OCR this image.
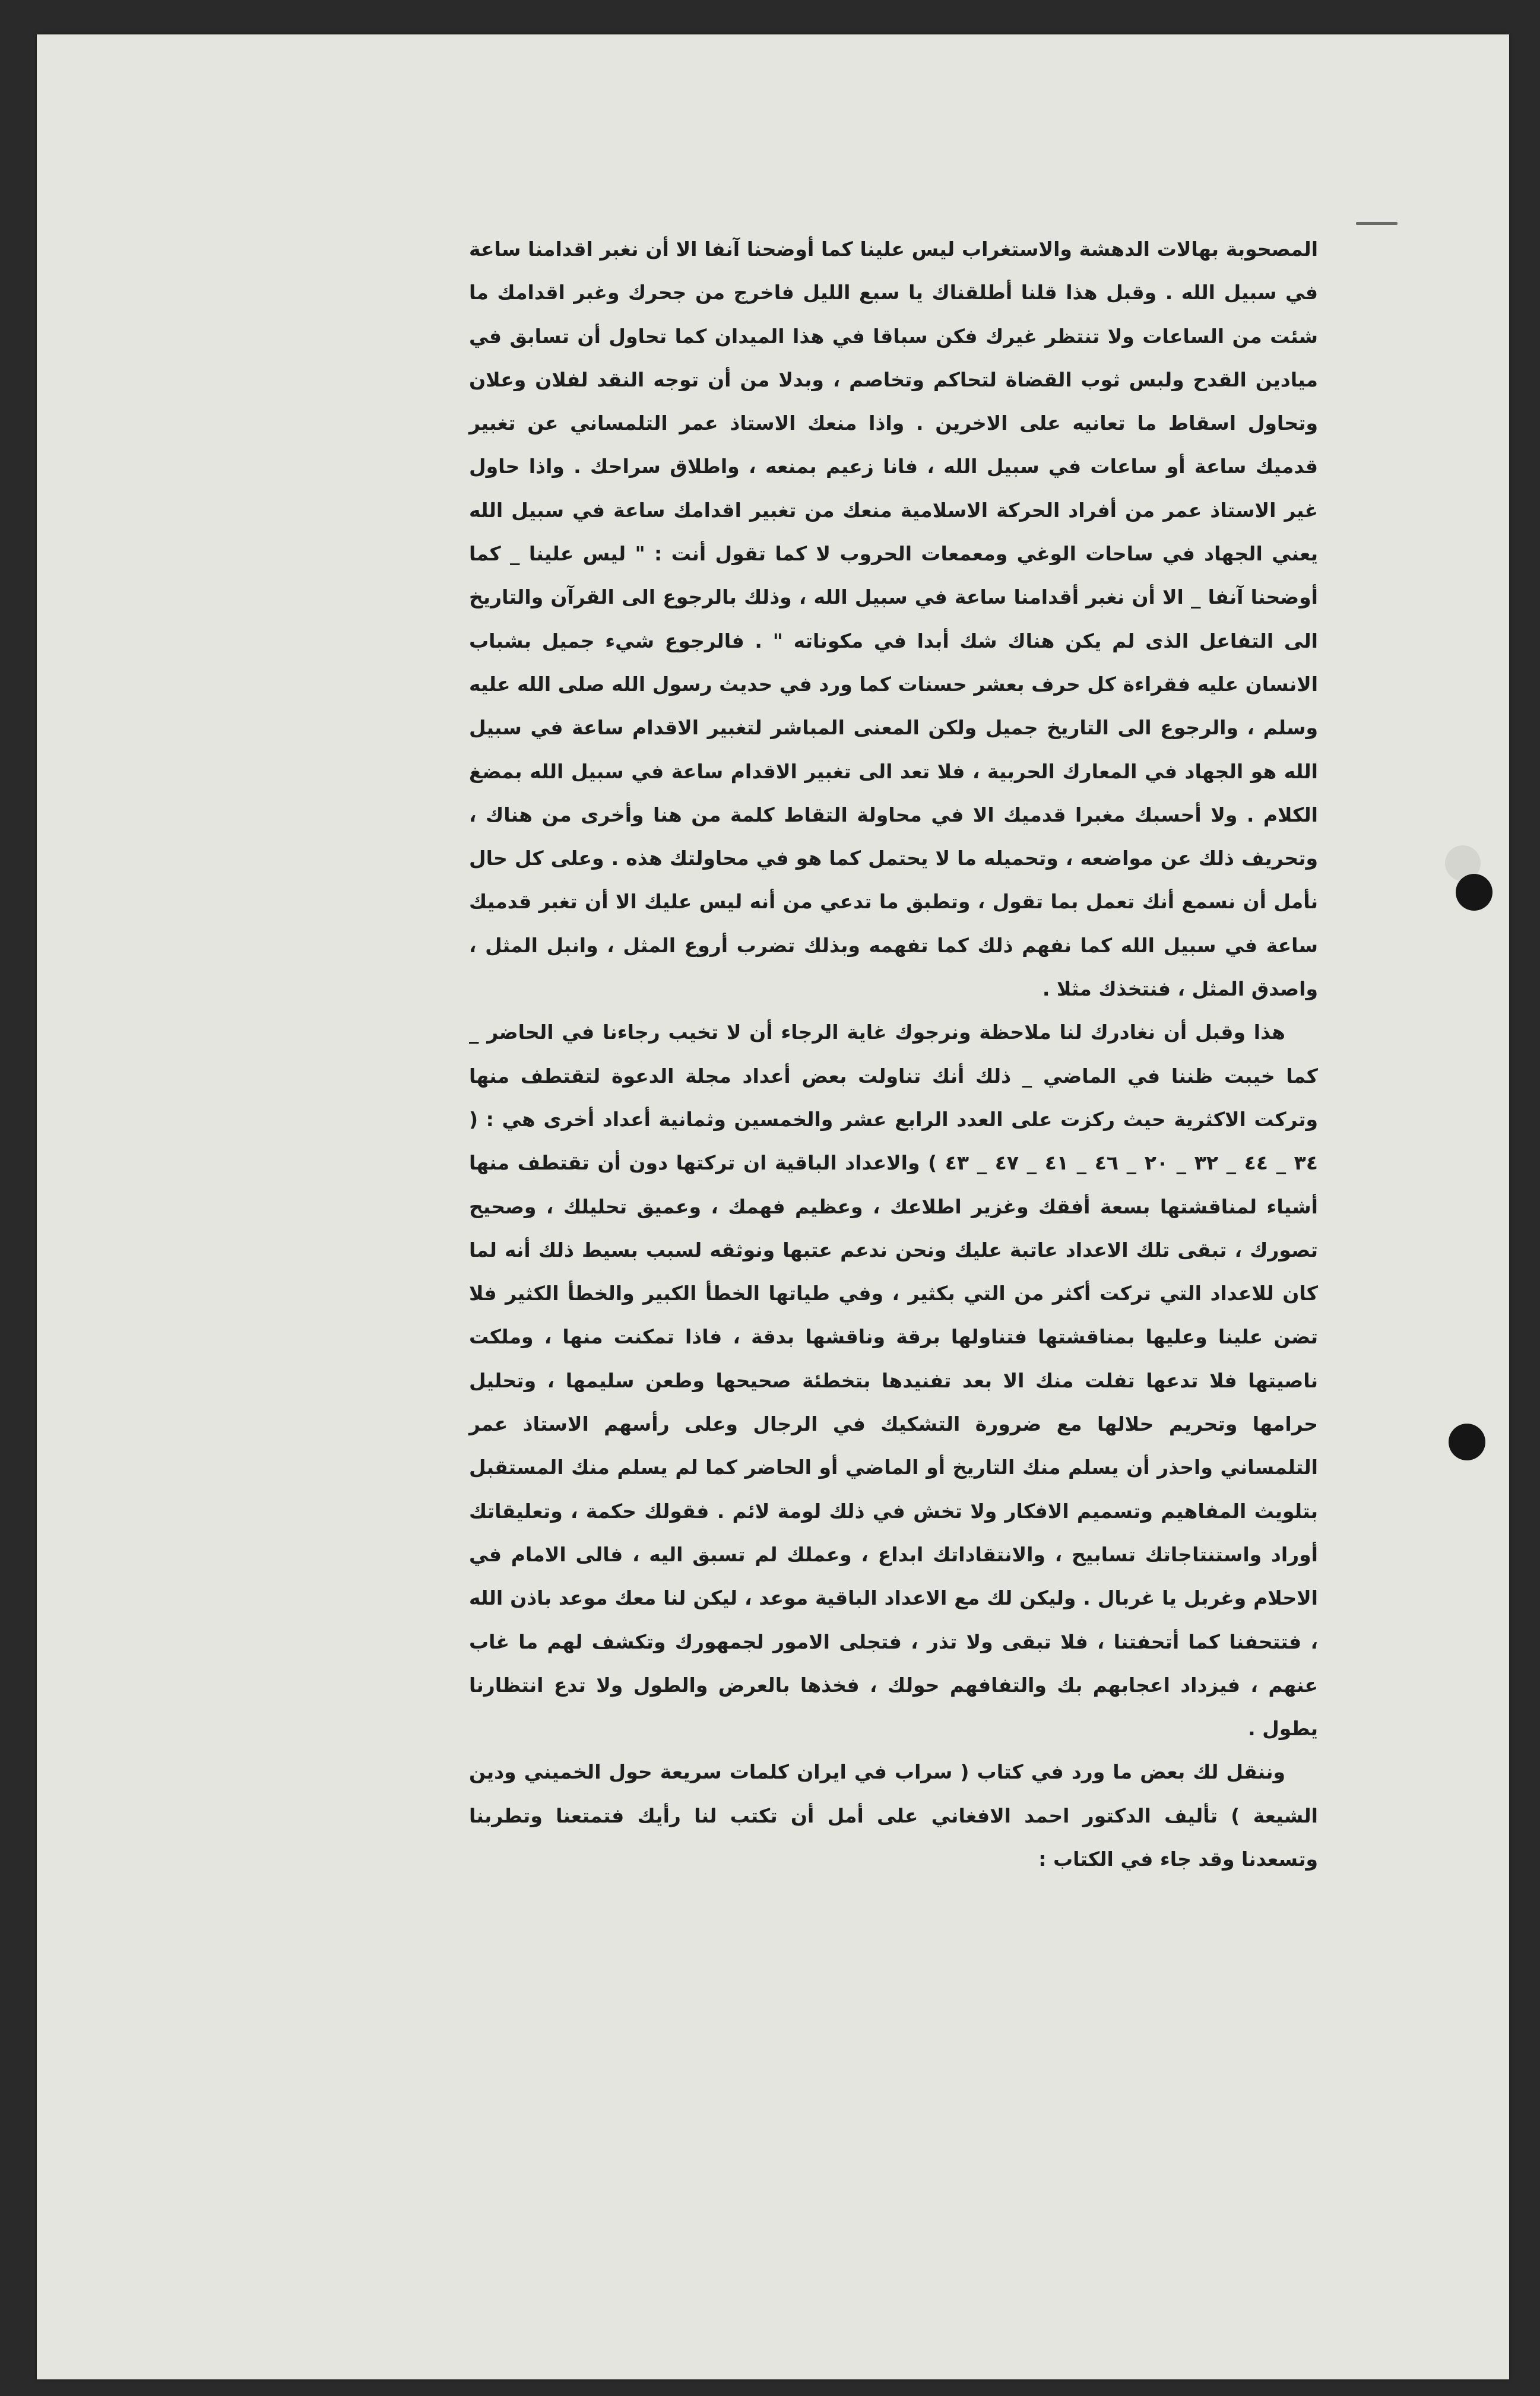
المصحوبة بهالات الدهشة والاستغراب ليس علينا كما أوضحنا آنفا الا أن نغبر اقدامنا ساعة في سبيل الله . وقبل هذا قلنا أطلقناك يا سبع الليل فاخرج من جحرك وغبر اقدامك ما شئت من الساعات ولا تنتظر غيرك فكن سباقا في هذا الميدان كما تحاول أن تسابق في ميادين القدح ولبس ثوب القضاة لتحاكم وتخاصم ، وبدلا من أن توجه النقد لفلان وعلان وتحاول اسقاط ما تعانيه على الاخرين . واذا منعك الاستاذ عمر التلمساني عن تغبير قدميك ساعة أو ساعات في سبيل الله ، فانا زعيم بمنعه ، واطلاق سراحك . واذا حاول غير الاستاذ عمر من أفراد الحركة الاسلامية منعك من تغبير اقدامك ساعة في سبيل الله يعني الجهاد في ساحات الوغي ومعمعات الحروب لا كما تقول أنت : " ليس علينا _ كما أوضحنا آنفا _ الا أن نغبر أقدامنا ساعة في سبيل الله ، وذلك بالرجوع الى القرآن والتاريخ الى التفاعل الذى لم يكن هناك شك أبدا في مكوناته " . فالرجوع شيء جميل بشباب الانسان عليه فقراءة كل حرف بعشر حسنات كما ورد في حديث رسول الله صلى الله عليه وسلم ، والرجوع الى التاريخ جميل ولكن المعنى المباشر لتغبير الاقدام ساعة في سبيل الله هو الجهاد في المعارك الحربية ، فلا تعد الى تغبير الاقدام ساعة في سبيل الله بمضغ الكلام . ولا أحسبك مغبرا قدميك الا في محاولة التقاط كلمة من هنا وأخرى من هناك ، وتحريف ذلك عن مواضعه ، وتحميله ما لا يحتمل كما هو في محاولتك هذه . وعلى كل حال نأمل أن نسمع أنك تعمل بما تقول ، وتطبق ما تدعي من أنه ليس عليك الا أن تغبر قدميك ساعة في سبيل الله كما نفهم ذلك كما تفهمه وبذلك تضرب أروع المثل ، وانبل المثل ، واصدق المثل ، فنتخذك مثلا .

هذا وقبل أن نغادرك لنا ملاحظة ونرجوك غاية الرجاء أن لا تخيب رجاءنا في الحاضر _ كما خيبت ظننا في الماضي _ ذلك أنك تناولت بعض أعداد مجلة الدعوة لتقتطف منها وتركت الاكثرية حيث ركزت على العدد الرابع عشر والخمسين وثمانية أعداد أخرى هي : ( ٣٤ _ ٤٤ _ ٣٢ _ ٢٠ _ ٤٦ _ ٤١ _ ٤٧ _ ٤٣ ) والاعداد الباقية ان تركتها دون أن تقتطف منها أشياء لمناقشتها بسعة أفقك وغزير اطلاعك ، وعظيم فهمك ، وعميق تحليلك ، وصحيح تصورك ، تبقى تلك الاعداد عاتبة عليك ونحن ندعم عتبها ونوثقه لسبب بسيط ذلك أنه لما كان للاعداد التي تركت أكثر من التي بكثير ، وفي طياتها الخطأ الكبير والخطأ الكثير فلا تضن علينا وعليها بمناقشتها فتناولها برقة وناقشها بدقة ، فاذا تمكنت منها ، وملكت ناصيتها فلا تدعها تفلت منك الا بعد تفنيدها بتخطئة صحيحها وطعن سليمها ، وتحليل حرامها وتحريم حلالها مع ضرورة التشكيك في الرجال وعلى رأسهم الاستاذ عمر التلمساني واحذر أن يسلم منك التاريخ أو الماضي أو الحاضر كما لم يسلم منك المستقبل بتلويث المفاهيم وتسميم الافكار ولا تخش في ذلك لومة لائم . فقولك حكمة ، وتعليقاتك أوراد واستنتاجاتك تسابيح ، والانتقاداتك ابداع ، وعملك لم تسبق اليه ، فالى الامام في الاحلام وغربل يا غربال . وليكن لك مع الاعداد الباقية موعد ، ليكن لنا معك موعد باذن الله ، فتتحفنا كما أتحفتنا ، فلا تبقى ولا تذر ، فتجلى الامور لجمهورك وتكشف لهم ما غاب عنهم ، فيزداد اعجابهم بك والتفافهم حولك ، فخذها بالعرض والطول ولا تدع انتظارنا يطول .

وننقل لك بعض ما ورد في كتاب ( سراب في ايران كلمات سريعة حول الخميني ودين الشيعة ) تأليف الدكتور احمد الافغاني على أمل أن تكتب لنا رأيك فتمتعنا وتطربنا وتسعدنا وقد جاء في الكتاب :
